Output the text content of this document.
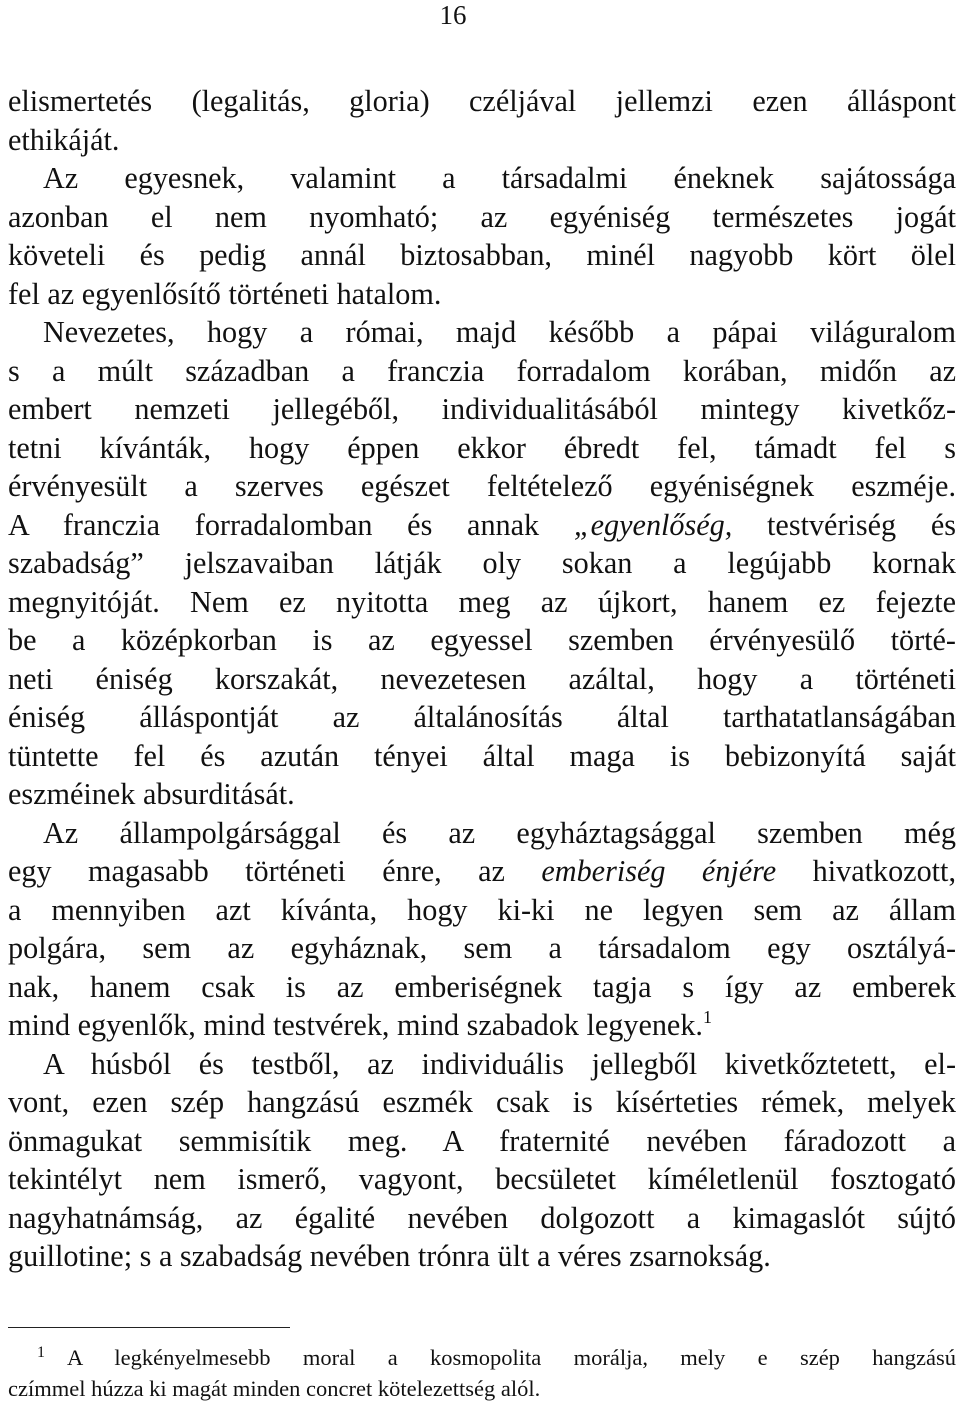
16
elismertetés (legalitás, gloria) czéljával jellemzi ezen álláspont
ethikáját.
Az egyesnek, valamint a társadalmi éneknek sajátossága
azonban el nem nyomható; az egyéniség természetes jogát
követeli és pedig annál biztosabban, minél nagyobb kört ölel
fel az egyenlősítő történeti hatalom.
Nevezetes, hogy a római, majd később a pápai világuralom
s a múlt században a franczia forradalom korában, midőn az
embert nemzeti jellegéből, individualitásából mintegy kivetkőz-
tetni kívánták, hogy éppen ekkor ébredt fel, támadt fel s
érvényesült a szerves egészet feltételező egyéniségnek eszméje.
A franczia forradalomban és annak „egyenlőség, testvériség és
szabadság” jelszavaiban látják oly sokan a legújabb kornak
megnyitóját. Nem ez nyitotta meg az újkort, hanem ez fejezte
be a középkorban is az egyessel szemben érvényesülő törté-
neti éniség korszakát, nevezetesen azáltal, hogy a történeti
éniség álláspontját az általánosítás által tarthatatlanságában
tüntette fel és azután tényei által maga is bebizonyítá saját
eszméinek absurditását.
Az állampolgársággal és az egyháztagsággal szemben még
egy magasabb történeti énre, az emberiség énjére hivatkozott,
a mennyiben azt kívánta, hogy ki-ki ne legyen sem az állam
polgára, sem az egyháznak, sem a társadalom egy osztályá-
nak, hanem csak is az emberiségnek tagja s így az emberek
mind egyenlők, mind testvérek, mind szabadok legyenek.$^1$
A húsból és testből, az individuális jellegből kivetkőztetett, el-
vont, ezen szép hangzású eszmék csak is kísérteties rémek, melyek
önmagukat semmisítik meg. A fraternité nevében fáradozott a
tekintélyt nem ismerő, vagyont, becsületet kíméletlenül fosztogató
nagyhatnámság, az égalité nevében dolgozott a kimagaslót sújtó
guillotine; s a szabadság nevében trónra ült a véres zsarnokság.
1 A legkényelmesebb moral a kosmopolita morálja, mely e szép hangzású
czímmel húzza ki magát minden concret kötelezettség alól.
